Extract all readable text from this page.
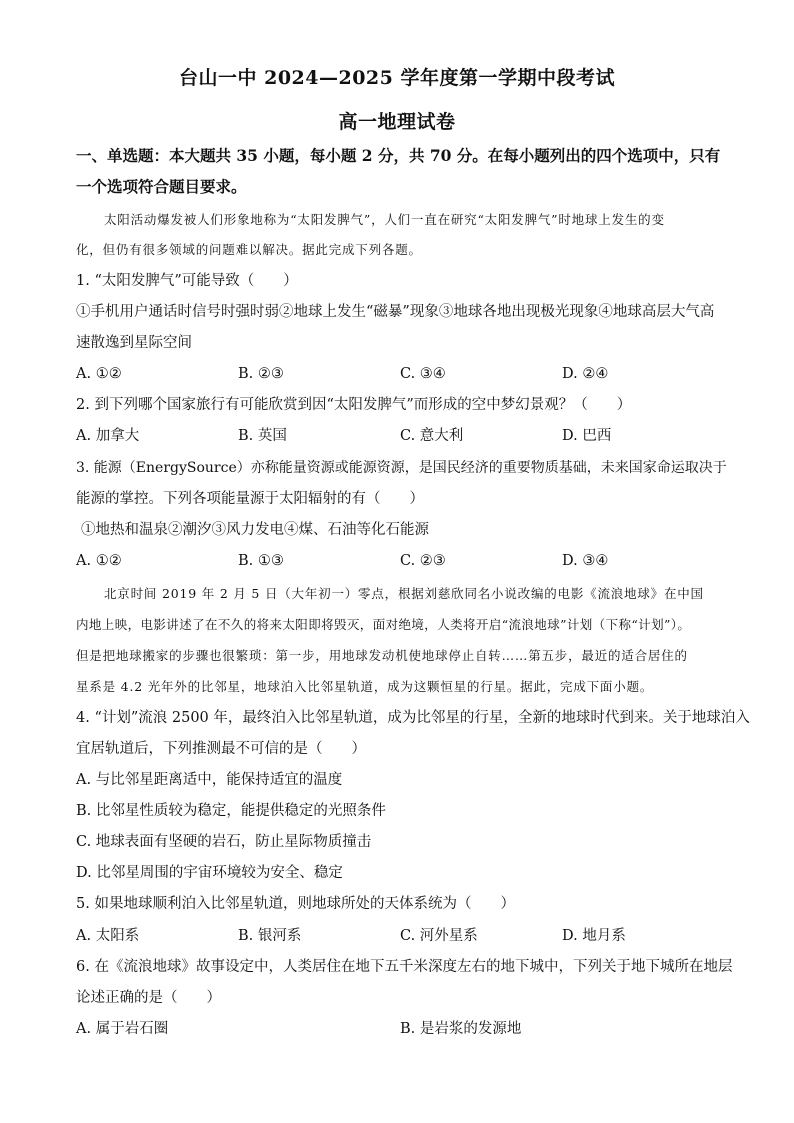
台山一中 2024—2025 学年度第一学期中段考试
高一地理试卷
一、单选题：本大题共 35 小题，每小题 2 分，共 70 分。在每小题列出的四个选项中，只有
一个选项符合题目要求。
太阳活动爆发被人们形象地称为“太阳发脾气”，人们一直在研究“太阳发脾气”时地球上发生的变
化，但仍有很多领域的问题难以解决。据此完成下列各题。
1. “太阳发脾气”可能导致（　　）
①手机用户通话时信号时强时弱②地球上发生“磁暴”现象③地球各地出现极光现象④地球高层大气高
速散逸到星际空间
A. ①②	B. ②③	C. ③④	D. ②④
2. 到下列哪个国家旅行有可能欣赏到因“太阳发脾气”而形成的空中梦幻景观？（　　）
A. 加拿大	B. 英国	C. 意大利	D. 巴西
3. 能源（EnergySource）亦称能量资源或能源资源，是国民经济的重要物质基础，未来国家命运取决于
能源的掌控。下列各项能量源于太阳辐射的有（　　）
①地热和温泉②潮汐③风力发电④煤、石油等化石能源
A. ①②	B. ①③	C. ②③	D. ③④
北京时间 2019 年 2 月 5 日（大年初一）零点，根据刘慈欣同名小说改编的电影《流浪地球》在中国
内地上映，电影讲述了在不久的将来太阳即将毁灭，面对绝境，人类将开启“流浪地球”计划（下称“计划”）。
但是把地球搬家的步骤也很繁琐：第一步，用地球发动机使地球停止自转……第五步，最近的适合居住的
星系是 4.2 光年外的比邻星，地球泊入比邻星轨道，成为这颗恒星的行星。据此，完成下面小题。
4. “计划”流浪 2500 年，最终泊入比邻星轨道，成为比邻星的行星，全新的地球时代到来。关于地球泊入
宜居轨道后，下列推测最不可信的是（　　）
A. 与比邻星距离适中，能保持适宜的温度
B. 比邻星性质较为稳定，能提供稳定的光照条件
C. 地球表面有坚硬的岩石，防止星际物质撞击
D. 比邻星周围的宇宙环境较为安全、稳定
5. 如果地球顺利泊入比邻星轨道，则地球所处的天体系统为（　　）
A. 太阳系	B. 银河系	C. 河外星系	D. 地月系
6. 在《流浪地球》故事设定中，人类居住在地下五千米深度左右的地下城中，下列关于地下城所在地层
论述正确的是（　　）
A. 属于岩石圈	B. 是岩浆的发源地
